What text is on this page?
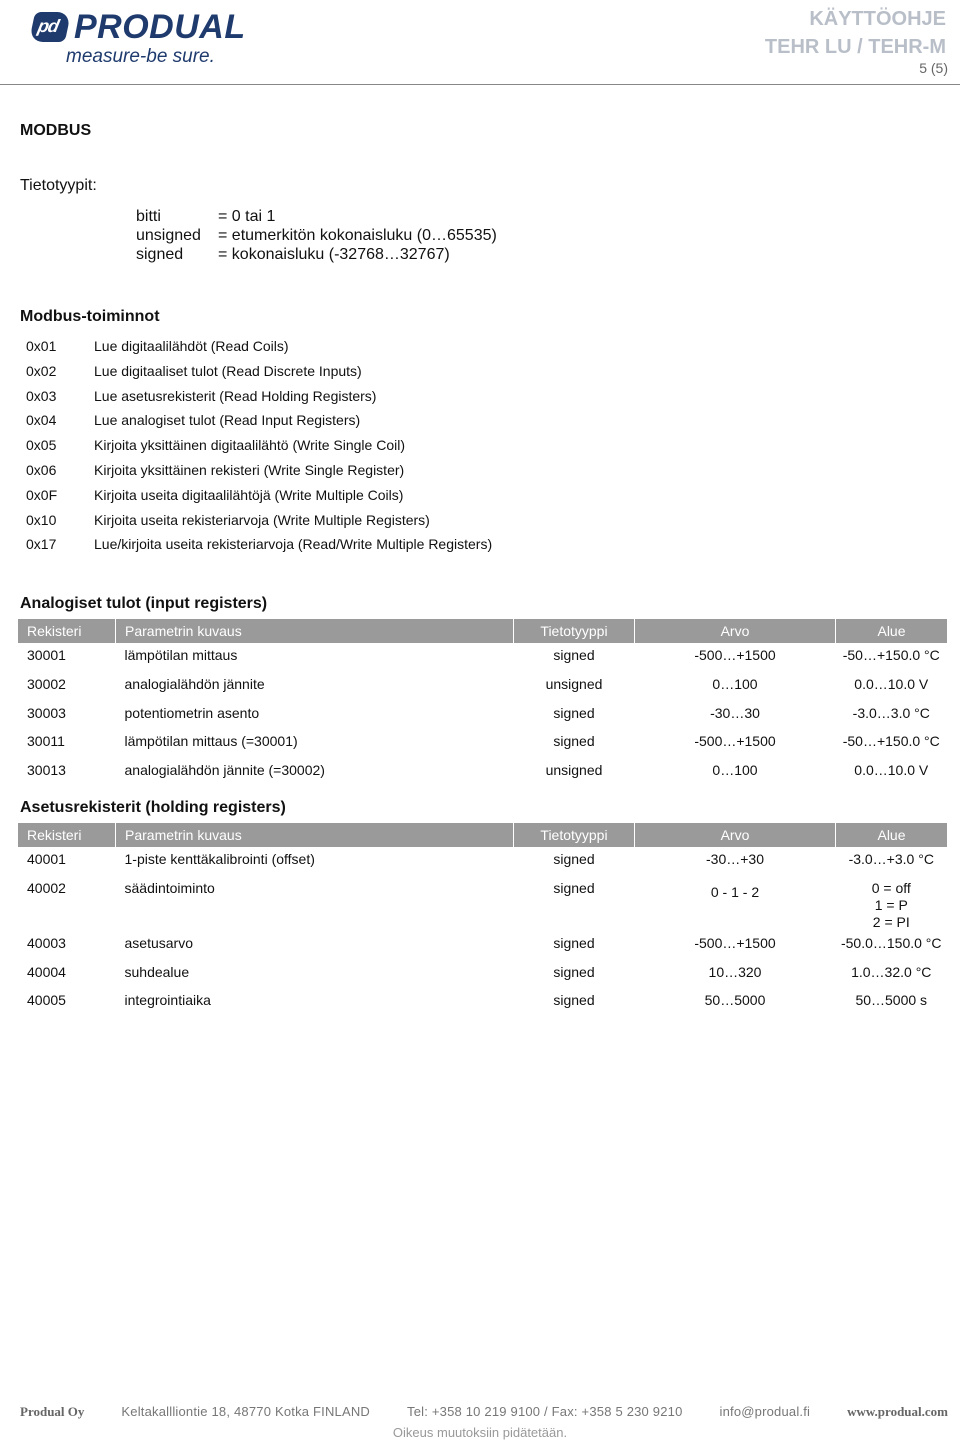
pd PRODUAL
measure-be sure.
KÄYTTÖOHJE
TEHR LU / TEHR-M
5 (5)
MODBUS
Tietotyypit:
bitti	= 0 tai 1
unsigned	= etumerkitön kokonaisluku (0…65535)
signed	= kokonaisluku (-32768…32767)
Modbus-toiminnot
0x01	Lue digitaalilähdöt (Read Coils)
0x02	Lue digitaaliset tulot (Read Discrete Inputs)
0x03	Lue asetusrekisterit (Read Holding Registers)
0x04	Lue analogiset tulot (Read Input Registers)
0x05	Kirjoita yksittäinen digitaalilähtö (Write Single Coil)
0x06	Kirjoita yksittäinen rekisteri (Write Single Register)
0x0F	Kirjoita useita digitaalilähtöjä (Write Multiple Coils)
0x10	Kirjoita useita rekisteriarvoja (Write Multiple Registers)
0x17	Lue/kirjoita useita rekisteriarvoja (Read/Write Multiple Registers)
Analogiset tulot (input registers)
Rekisteri	Parametrin kuvaus	Tietotyyppi	Arvo	Alue
30001	lämpötilan mittaus	signed	-500…+1500	-50…+150.0 °C
30002	analogialähdön jännite	unsigned	0…100	0.0…10.0 V
30003	potentiometrin asento	signed	-30…30	-3.0…3.0 °C
30011	lämpötilan mittaus (=30001)	signed	-500…+1500	-50…+150.0 °C
30013	analogialähdön jännite (=30002)	unsigned	0…100	0.0…10.0 V
Asetusrekisterit (holding registers)
Rekisteri	Parametrin kuvaus	Tietotyyppi	Arvo	Alue
40001	1-piste kenttäkalibrointi (offset)	signed	-30…+30	-3.0…+3.0 °C
40002	säädintoiminto	signed	0 - 1 - 2	0 = off
1 = P
2 = PI

40003	asetusarvo	signed	-500…+1500	-50.0…150.0 °C
40004	suhdealue	signed	10…320	1.0…32.0 °C
40005	integrointiaika	signed	50…5000	50…5000 s
Produal Oy	Keltakallliontie 18, 48770 Kotka FINLAND	Tel: +358 10 219 9100 / Fax: +358 5 230 9210	info@produal.fi	www.produal.com
Oikeus muutoksiin pidätetään.
